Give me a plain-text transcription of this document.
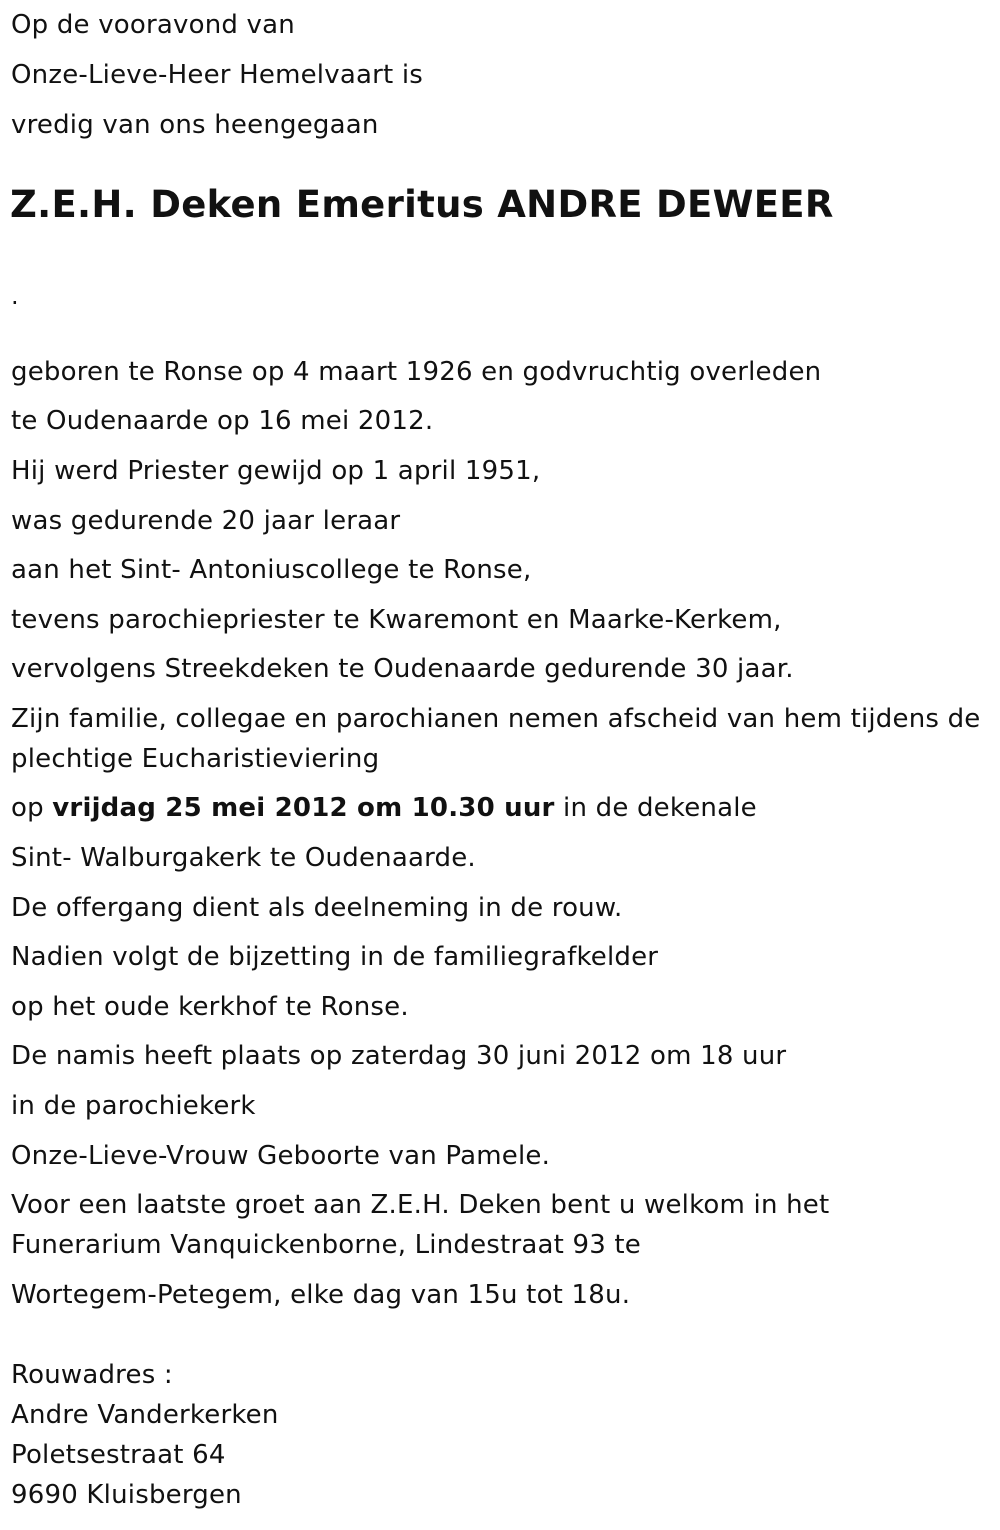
Op de vooravond van

Onze-Lieve-Heer Hemelvaart is

vredig van ons heengegaan

Z.E.H. Deken Emeritus ANDRE DEWEER
.

geboren te Ronse op 4 maart 1926 en godvruchtig overleden

te Oudenaarde op 16 mei 2012.

Hij werd Priester gewijd op 1 april 1951,

was gedurende 20 jaar leraar

aan het Sint- Antoniuscollege te Ronse,

tevens parochiepriester te Kwaremont en Maarke-Kerkem,

vervolgens Streekdeken te Oudenaarde gedurende 30 jaar.

Zijn familie, collegae en parochianen nemen afscheid van hem tijdens de

plechtige Eucharistieviering

op vrijdag 25 mei 2012 om 10.30 uur in de dekenale

Sint- Walburgakerk te Oudenaarde.

De offergang dient als deelneming in de rouw.

Nadien volgt de bijzetting in de familiegrafkelder

op het oude kerkhof te Ronse.

De namis heeft plaats op zaterdag 30 juni 2012 om 18 uur

in de parochiekerk

Onze-Lieve-Vrouw Geboorte van Pamele.

Voor een laatste groet aan Z.E.H. Deken bent u welkom in het

Funerarium Vanquickenborne, Lindestraat 93 te

Wortegem-Petegem, elke dag van 15u tot 18u.

Rouwadres :

Andre Vanderkerken

Poletsestraat 64

9690 Kluisbergen
